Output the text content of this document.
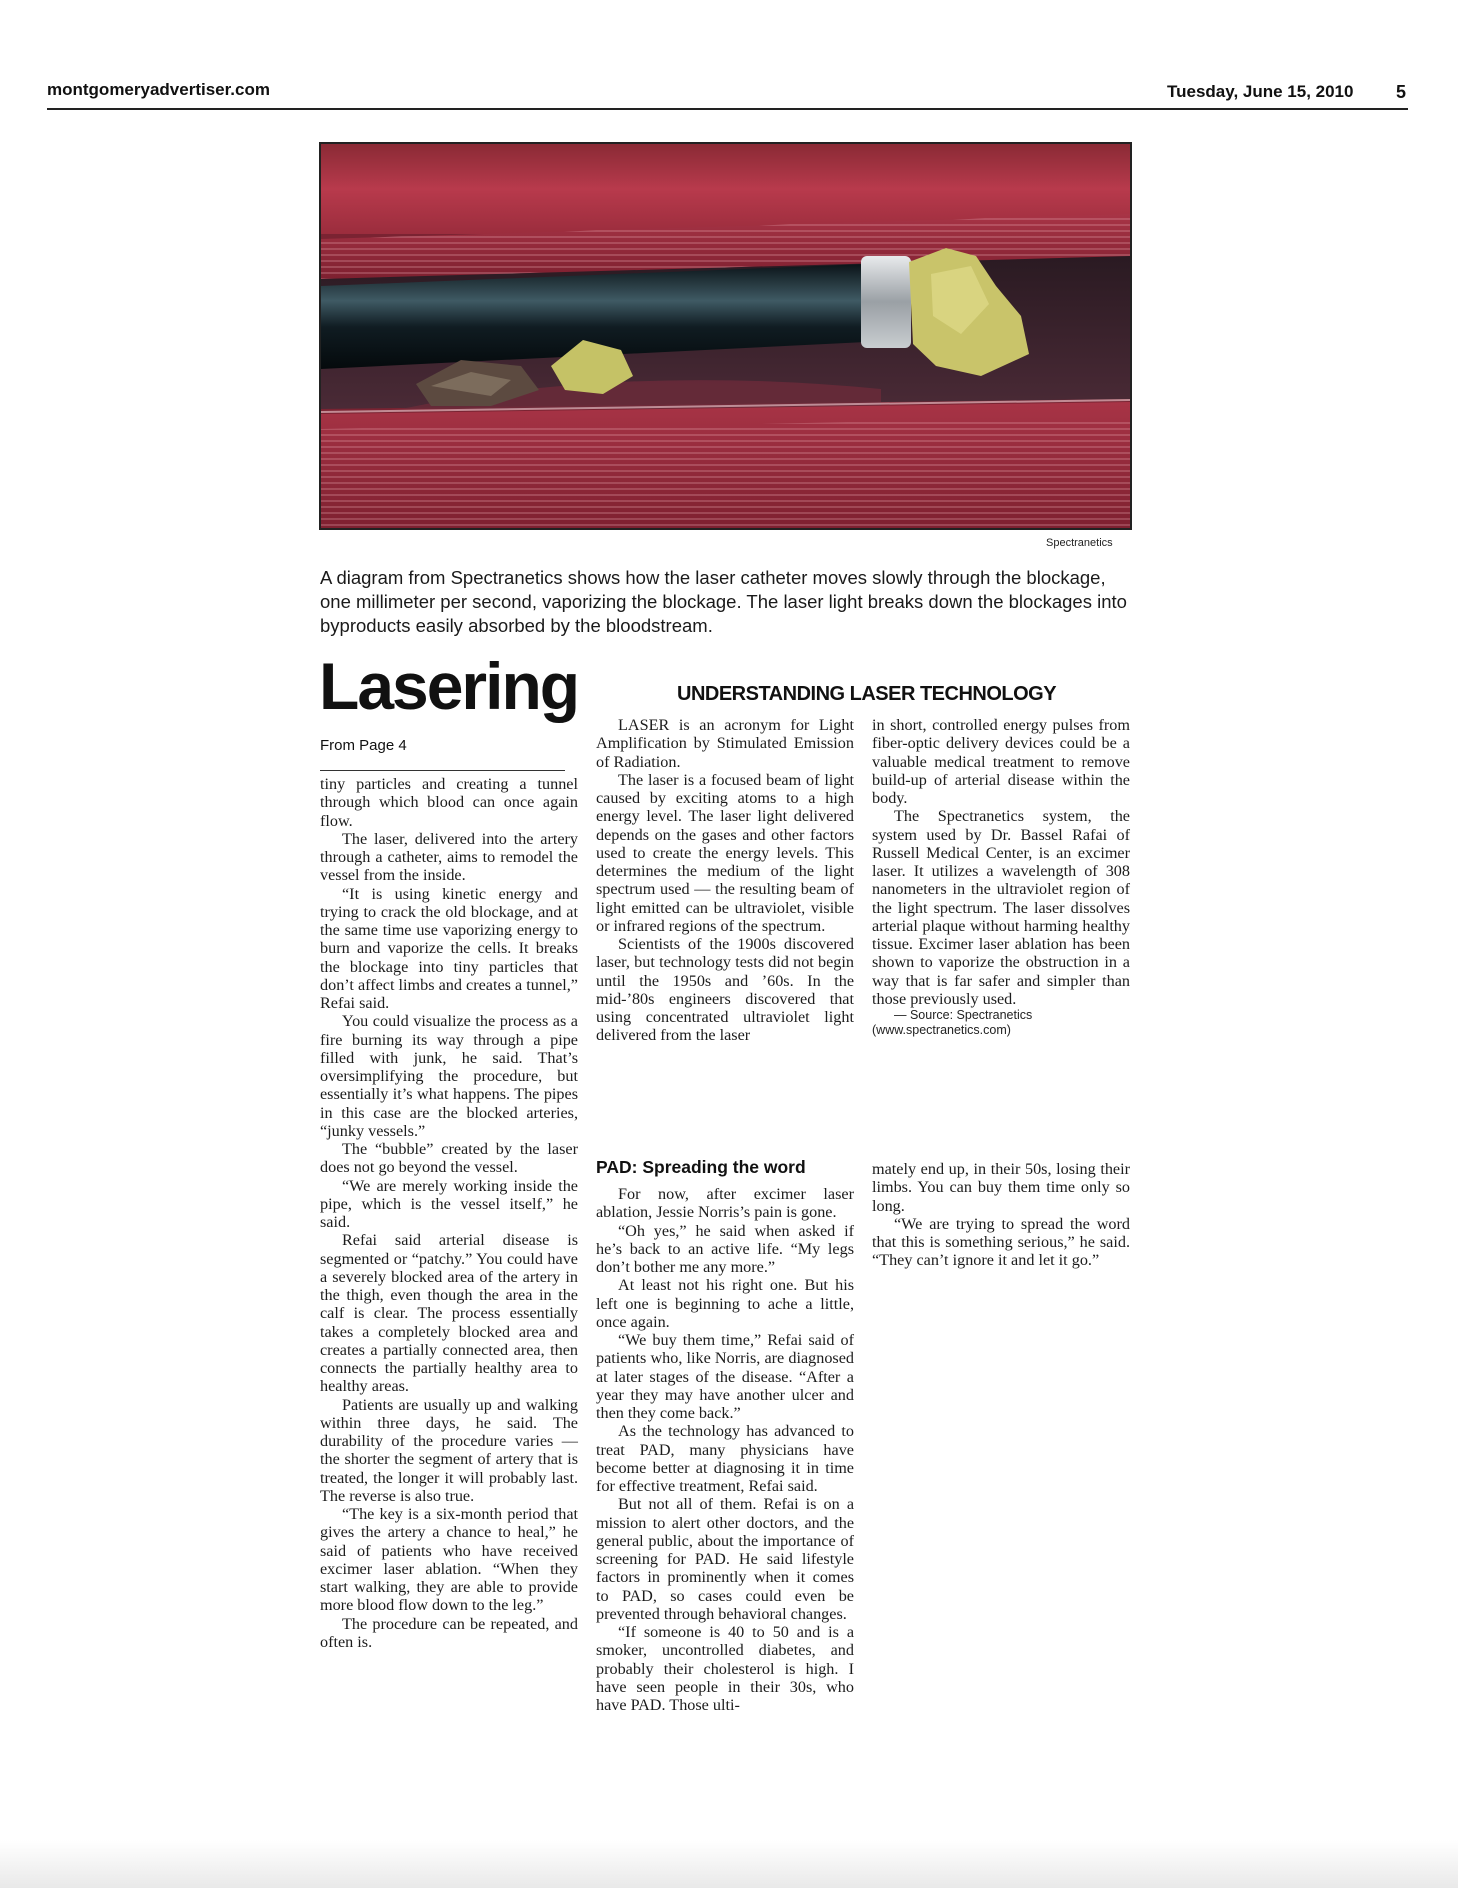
montgomeryadvertiser.com	Tuesday, June 15, 2010 5
Spectranetics

A diagram from Spectranetics shows how the laser catheter moves slowly through the blockage, one millimeter per second, vaporizing the blockage. The laser light breaks down the blockages into byproducts easily absorbed by the bloodstream.

Lasering
From Page 4

tiny particles and creating a tunnel through which blood can once again flow.

The laser, delivered into the artery through a catheter, aims to remodel the vessel from the inside.

“It is using kinetic energy and trying to crack the old blockage, and at the same time use vaporizing energy to burn and vaporize the cells. It breaks the blockage into tiny particles that don’t affect limbs and creates a tunnel,” Refai said.

You could visualize the process as a fire burning its way through a pipe filled with junk, he said. That’s oversimplifying the procedure, but essentially it’s what happens. The pipes in this case are the blocked arteries, “junky vessels.”

The “bubble” created by the laser does not go beyond the vessel.

“We are merely working inside the pipe, which is the vessel itself,” he said.

Refai said arterial disease is segmented or “patchy.” You could have a severely blocked area of the artery in the thigh, even though the area in the calf is clear. The process essentially takes a completely blocked area and creates a partially connected area, then connects the partially healthy area to healthy areas.

Patients are usually up and walking within three days, he said. The durability of the procedure varies — the shorter the segment of artery that is treated, the longer it will probably last. The reverse is also true.

“The key is a six-month period that gives the artery a chance to heal,” he said of patients who have received excimer laser ablation. “When they start walking, they are able to provide more blood flow down to the leg.”

The procedure can be repeated, and often is.

UNDERSTANDING LASER TECHNOLOGY

LASER is an acronym for Light Amplification by Stimulated Emission of Radiation.

The laser is a focused beam of light caused by exciting atoms to a high energy level. The laser light delivered depends on the gases and other factors used to create the energy levels. This determines the medium of the light spectrum used — the resulting beam of light emitted can be ultraviolet, visible or infrared regions of the spectrum.

Scientists of the 1900s discovered laser, but technology tests did not begin until the 1950s and ’60s. In the mid-’80s engineers discovered that using concentrated ultraviolet light delivered from the laser

in short, controlled energy pulses from fiber-optic delivery devices could be a valuable medical treatment to remove build-up of arterial disease within the body.

The Spectranetics system, the system used by Dr. Bassel Rafai of Russell Medical Center, is an excimer laser. It utilizes a wavelength of 308 nanometers in the ultraviolet region of the light spectrum. The laser dissolves arterial plaque without harming healthy tissue. Excimer laser ablation has been shown to vaporize the obstruction in a way that is far safer and simpler than those previously used.

— Source: Spectranetics (www.spectranetics.com)

PAD: Spreading the word

For now, after excimer laser ablation, Jessie Norris’s pain is gone.

“Oh yes,” he said when asked if he’s back to an active life. “My legs don’t bother me any more.”

At least not his right one. But his left one is beginning to ache a little, once again.

“We buy them time,” Refai said of patients who, like Norris, are diagnosed at later stages of the disease. “After a year they may have another ulcer and then they come back.”

As the technology has advanced to treat PAD, many physicians have become better at diagnosing it in time for effective treatment, Refai said.

But not all of them. Refai is on a mission to alert other doctors, and the general public, about the importance of screening for PAD. He said lifestyle factors in prominently when it comes to PAD, so cases could even be prevented through behavioral changes.

“If someone is 40 to 50 and is a smoker, uncontrolled diabetes, and probably their cholesterol is high. I have seen people in their 30s, who have PAD. Those ulti-

mately end up, in their 50s, losing their limbs. You can buy them time only so long.

“We are trying to spread the word that this is something serious,” he said. “They can’t ignore it and let it go.”
